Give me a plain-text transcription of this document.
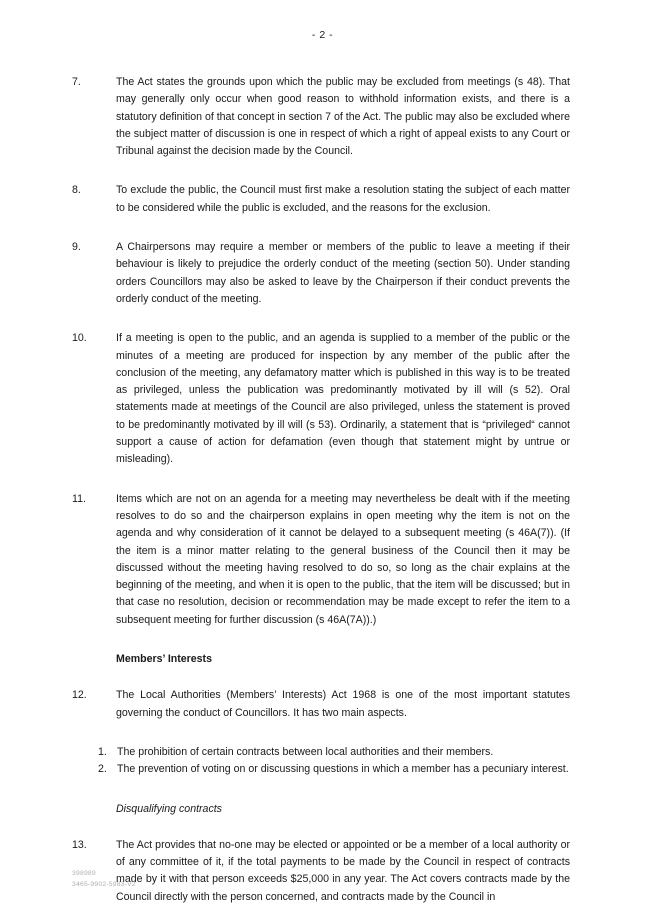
- 2 -
7.	The Act states the grounds upon which the public may be excluded from meetings (s 48). That may generally only occur when good reason to withhold information exists, and there is a statutory definition of that concept in section 7 of the Act. The public may also be excluded where the subject matter of discussion is one in respect of which a right of appeal exists to any Court or Tribunal against the decision made by the Council.
8.	To exclude the public, the Council must first make a resolution stating the subject of each matter to be considered while the public is excluded, and the reasons for the exclusion.
9.	A Chairpersons may require a member or members of the public to leave a meeting if their behaviour is likely to prejudice the orderly conduct of the meeting (section 50). Under standing orders Councillors may also be asked to leave by the Chairperson if their conduct prevents the orderly conduct of the meeting.
10.	If a meeting is open to the public, and an agenda is supplied to a member of the public or the minutes of a meeting are produced for inspection by any member of the public after the conclusion of the meeting, any defamatory matter which is published in this way is to be treated as privileged, unless the publication was predominantly motivated by ill will (s 52). Oral statements made at meetings of the Council are also privileged, unless the statement is proved to be predominantly motivated by ill will (s 53). Ordinarily, a statement that is “privileged“ cannot support a cause of action for defamation (even though that statement might by untrue or misleading).
11.	Items which are not on an agenda for a meeting may nevertheless be dealt with if the meeting resolves to do so and the chairperson explains in open meeting why the item is not on the agenda and why consideration of it cannot be delayed to a subsequent meeting (s 46A(7)). (If the item is a minor matter relating to the general business of the Council then it may be discussed without the meeting having resolved to do so, so long as the chair explains at the beginning of the meeting, and when it is open to the public, that the item will be discussed; but in that case no resolution, decision or recommendation may be made except to refer the item to a subsequent meeting for further discussion (s 46A(7A)).)
Members’ Interests
12.	The Local Authorities (Members’ Interests) Act 1968 is one of the most important statutes governing the conduct of Councillors. It has two main aspects.
1. The prohibition of certain contracts between local authorities and their members.
2. The prevention of voting on or discussing questions in which a member has a pecuniary interest.
Disqualifying contracts
13.	The Act provides that no-one may be elected or appointed or be a member of a local authority or of any committee of it, if the total payments to be made by the Council in respect of contracts made by it with that person exceeds $25,000 in any year. The Act covers contracts made by the Council directly with the person concerned, and contracts made by the Council in
398989
3465-9902-5983-V2
